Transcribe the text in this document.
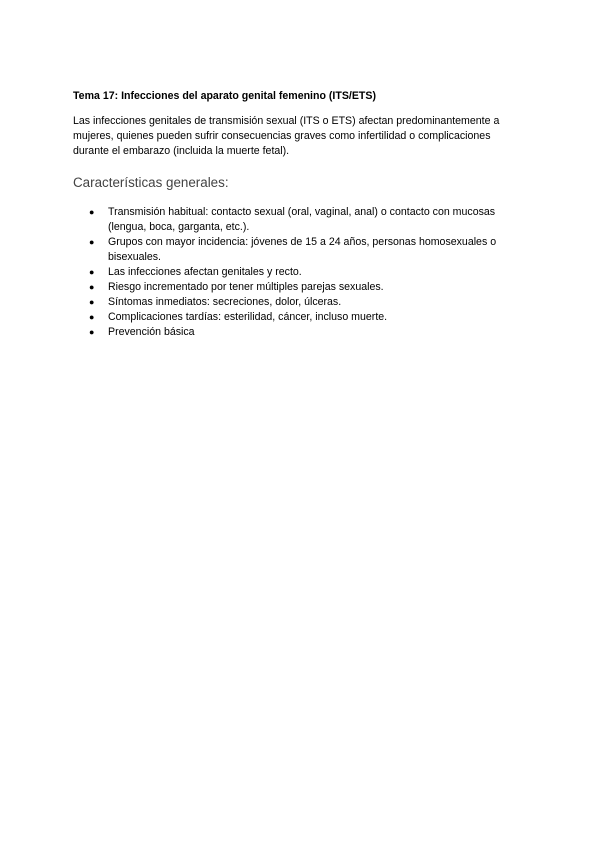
Tema 17: Infecciones del aparato genital femenino (ITS/ETS)
Las infecciones genitales de transmisión sexual (ITS o ETS) afectan predominantemente a
mujeres, quienes pueden sufrir consecuencias graves como infertilidad o complicaciones
durante el embarazo (incluida la muerte fetal).
Características generales:
● Transmisión habitual: contacto sexual (oral, vaginal, anal) o contacto con mucosas
(lengua, boca, garganta, etc.).
● Grupos con mayor incidencia: jóvenes de 15 a 24 años, personas homosexuales o
bisexuales.
● Las infecciones afectan genitales y recto.
● Riesgo incrementado por tener múltiples parejas sexuales.
● Síntomas inmediatos: secreciones, dolor, úlceras.
● Complicaciones tardías: esterilidad, cáncer, incluso muerte.
● Prevención básica
